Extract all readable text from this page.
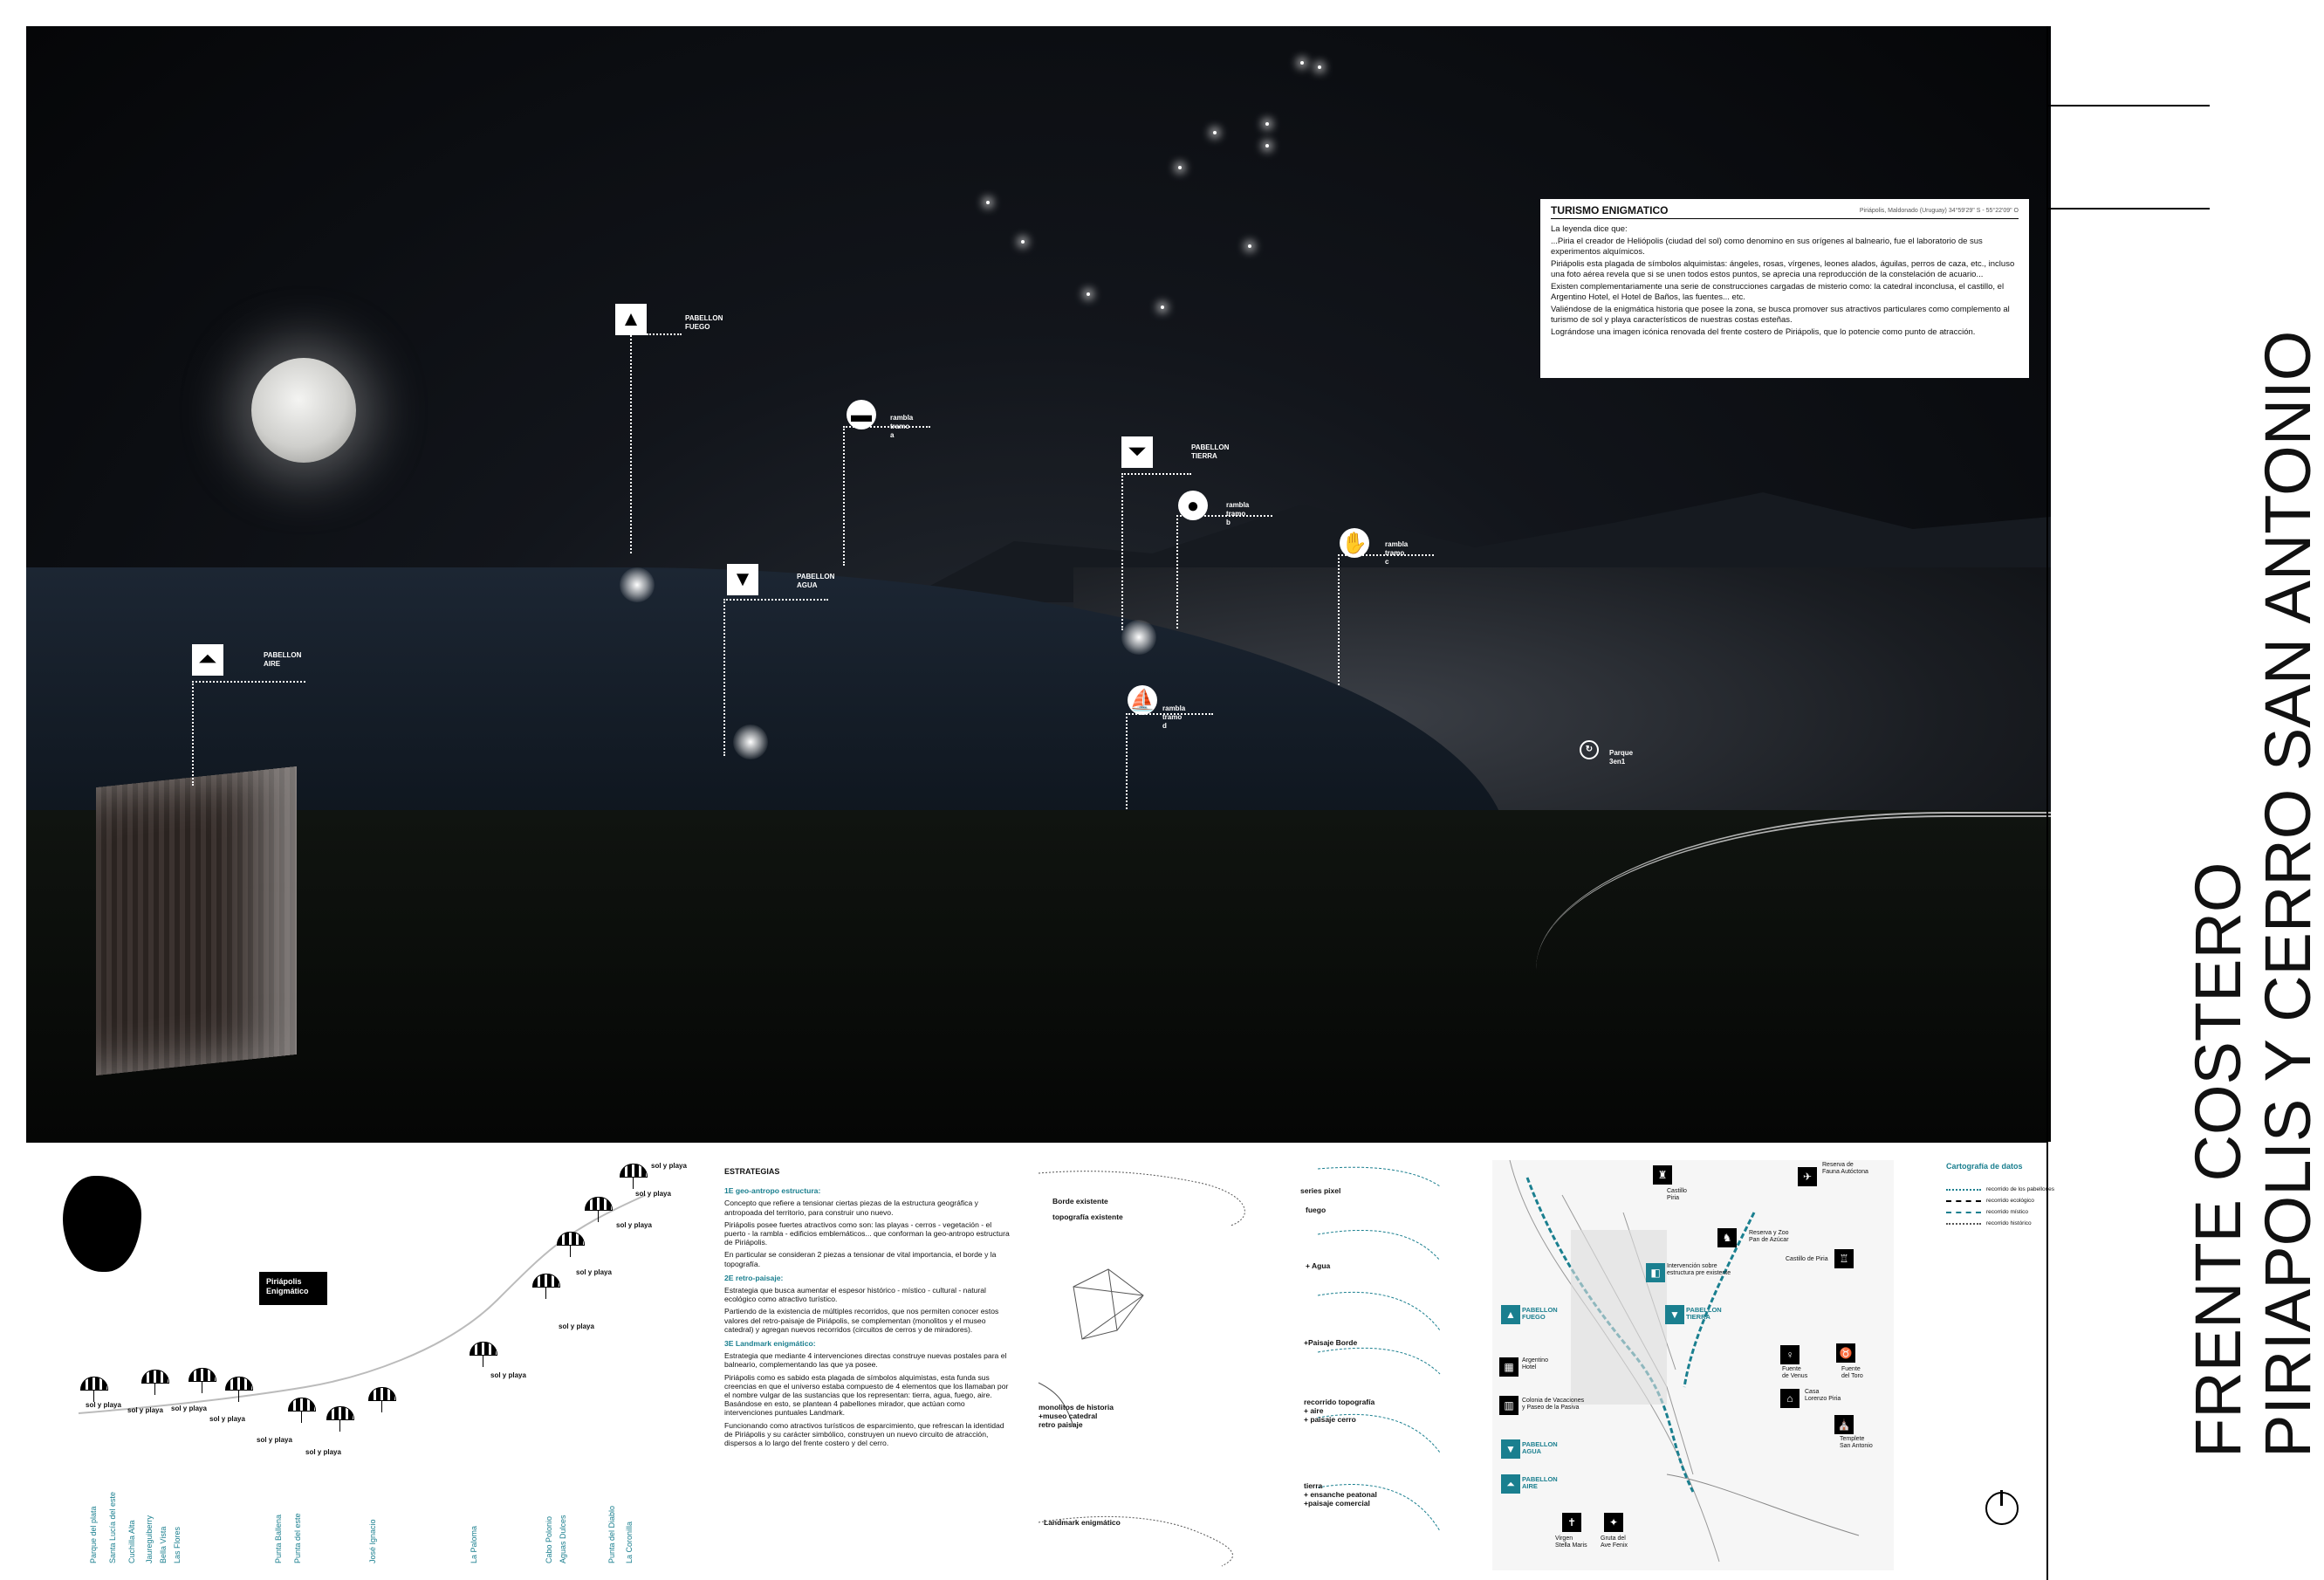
▲	PABELLON
FUEGO
▬	rambla tramo a
▼	PABELLON
AGUA
⏶	PABELLON
AIRE
⏷	PABELLON
TIERRA
●	rambla tramo b
✋	rambla tramo c
⛵ rambla tramo d
↻	Parque 3en1
TURISMO ENIGMATICO	Piriápolis, Maldonado (Uruguay) 34°59'29" S - 55°22'09" O

La leyenda dice que:

...Piria el creador de Heliópolis (ciudad del sol) como denomino en sus orígenes al balneario, fue el laboratorio de sus experimentos alquímicos.

Piriápolis esta plagada de símbolos alquimistas: ángeles, rosas, vírgenes, leones alados, águilas, perros de caza, etc., incluso una foto aérea revela que si se unen todos estos puntos, se aprecia una reproducción de la constelación de acuario...

Existen complementariamente una serie de construcciones cargadas de misterio como: la catedral inconclusa, el castillo, el Argentino Hotel, el Hotel de Baños, las fuentes... etc.

Valiéndose de la enigmática historia que posee la zona, se busca promover sus atractivos particulares como complemento al turismo de sol y playa característicos de nuestras costas esteñas.

Lográndose una imagen icónica renovada del frente costero de Piriápolis, que lo potencie como punto de atracción.

FRENTE COSTERO
PIRIAPOLIS Y CERRO SAN ANTONIO
Piriápolis
Enigmático
sol y playa
sol y playa sol y playa
sol y playa
sol y playa
sol y playa
sol y playa
sol y playa
sol y playa
sol y playa
sol y playa
sol y playa
Parque del plata Santa Lucía del este Cuchilla Alta Jaureguiberry Bella Vista Las Flores	Punta Ballena Punta del este	José Ignacio	La Paloma	Cabo Polonio Aguas Dulces	Punta del Diablo La Coronilla
ESTRATEGIAS
1E geo-antropo estructura:

Concepto que refiere a tensionar ciertas piezas de la estructura geográfica y antropoada del territorio, para construir uno nuevo.

Piriápolis posee fuertes atractivos como son: las playas - cerros - vegetación - el puerto - la rambla - edificios emblemáticos... que conforman la geo-antropo estructura de Piriápolis.

En particular se consideran 2 piezas a tensionar de vital importancia, el borde y la topografía.

2E retro-paisaje:

Estrategia que busca aumentar el espesor histórico - místico - cultural - natural ecológico como atractivo turístico.

Partiendo de la existencia de múltiples recorridos, que nos permiten conocer estos valores del retro-paisaje de Piriápolis, se complementan (monolitos y el museo catedral) y agregan nuevos recorridos (circuitos de cerros y de miradores).

3E Landmark enigmático:

Estrategia que mediante 4 intervenciones directas construye nuevas postales para el balneario, complementando las que ya posee.

Piriápolis como es sabido esta plagada de símbolos alquimistas, esta funda sus creencias en que el universo estaba compuesto de 4 elementos que los llamaban por el nombre vulgar de las sustancias que los representan: tierra, agua, fuego, aire. Basándose en esto, se plantean 4 pabellones mirador, que actúan como intervenciones puntuales Landmark.

Funcionando como atractivos turísticos de esparcimiento, que refrescan la identidad de Piriápolis y su carácter simbólico, construyen un nuevo circuito de atracción, dispersos a lo largo del frente costero y del cerro.

Borde existente
topografía existente
monolitos de historia
+museo catedral
retro paisaje
Landmark enigmático
series pixel
fuego
+ Agua
+Paisaje Borde
recorrido topografía
+ aire
+ paisaje cerro
tierra
+ ensanche peatonal
+paisaje comercial
♜
Castillo
Piria
✈
Reserva de
Fauna Autóctona
♞	Reserva y Zoo
Pan de Azúcar
♖
Castillo de Piria
◧
Intervención sobre
estructura pre existente
▲ PABELLON
FUEGO	▼ PABELLON
TIERRA
▦
Argentino
Hotel
♀
Fuente
de Venus
♉
Fuente
del Toro
▥	Colonia de Vacaciones
y Paseo de la Pasiva
⌂
Casa
Lorenzo Piria
⛪
Templete
San Antonio
▼ PABELLON
AGUA
⏶	PABELLON
AIRE
✝
Virgen
Stella Maris
✦
Gruta del
Ave Fenix
Cartografía de datos
recorrido de los pabellones
recorrido ecológico
recorrido místico
recorrido histórico
